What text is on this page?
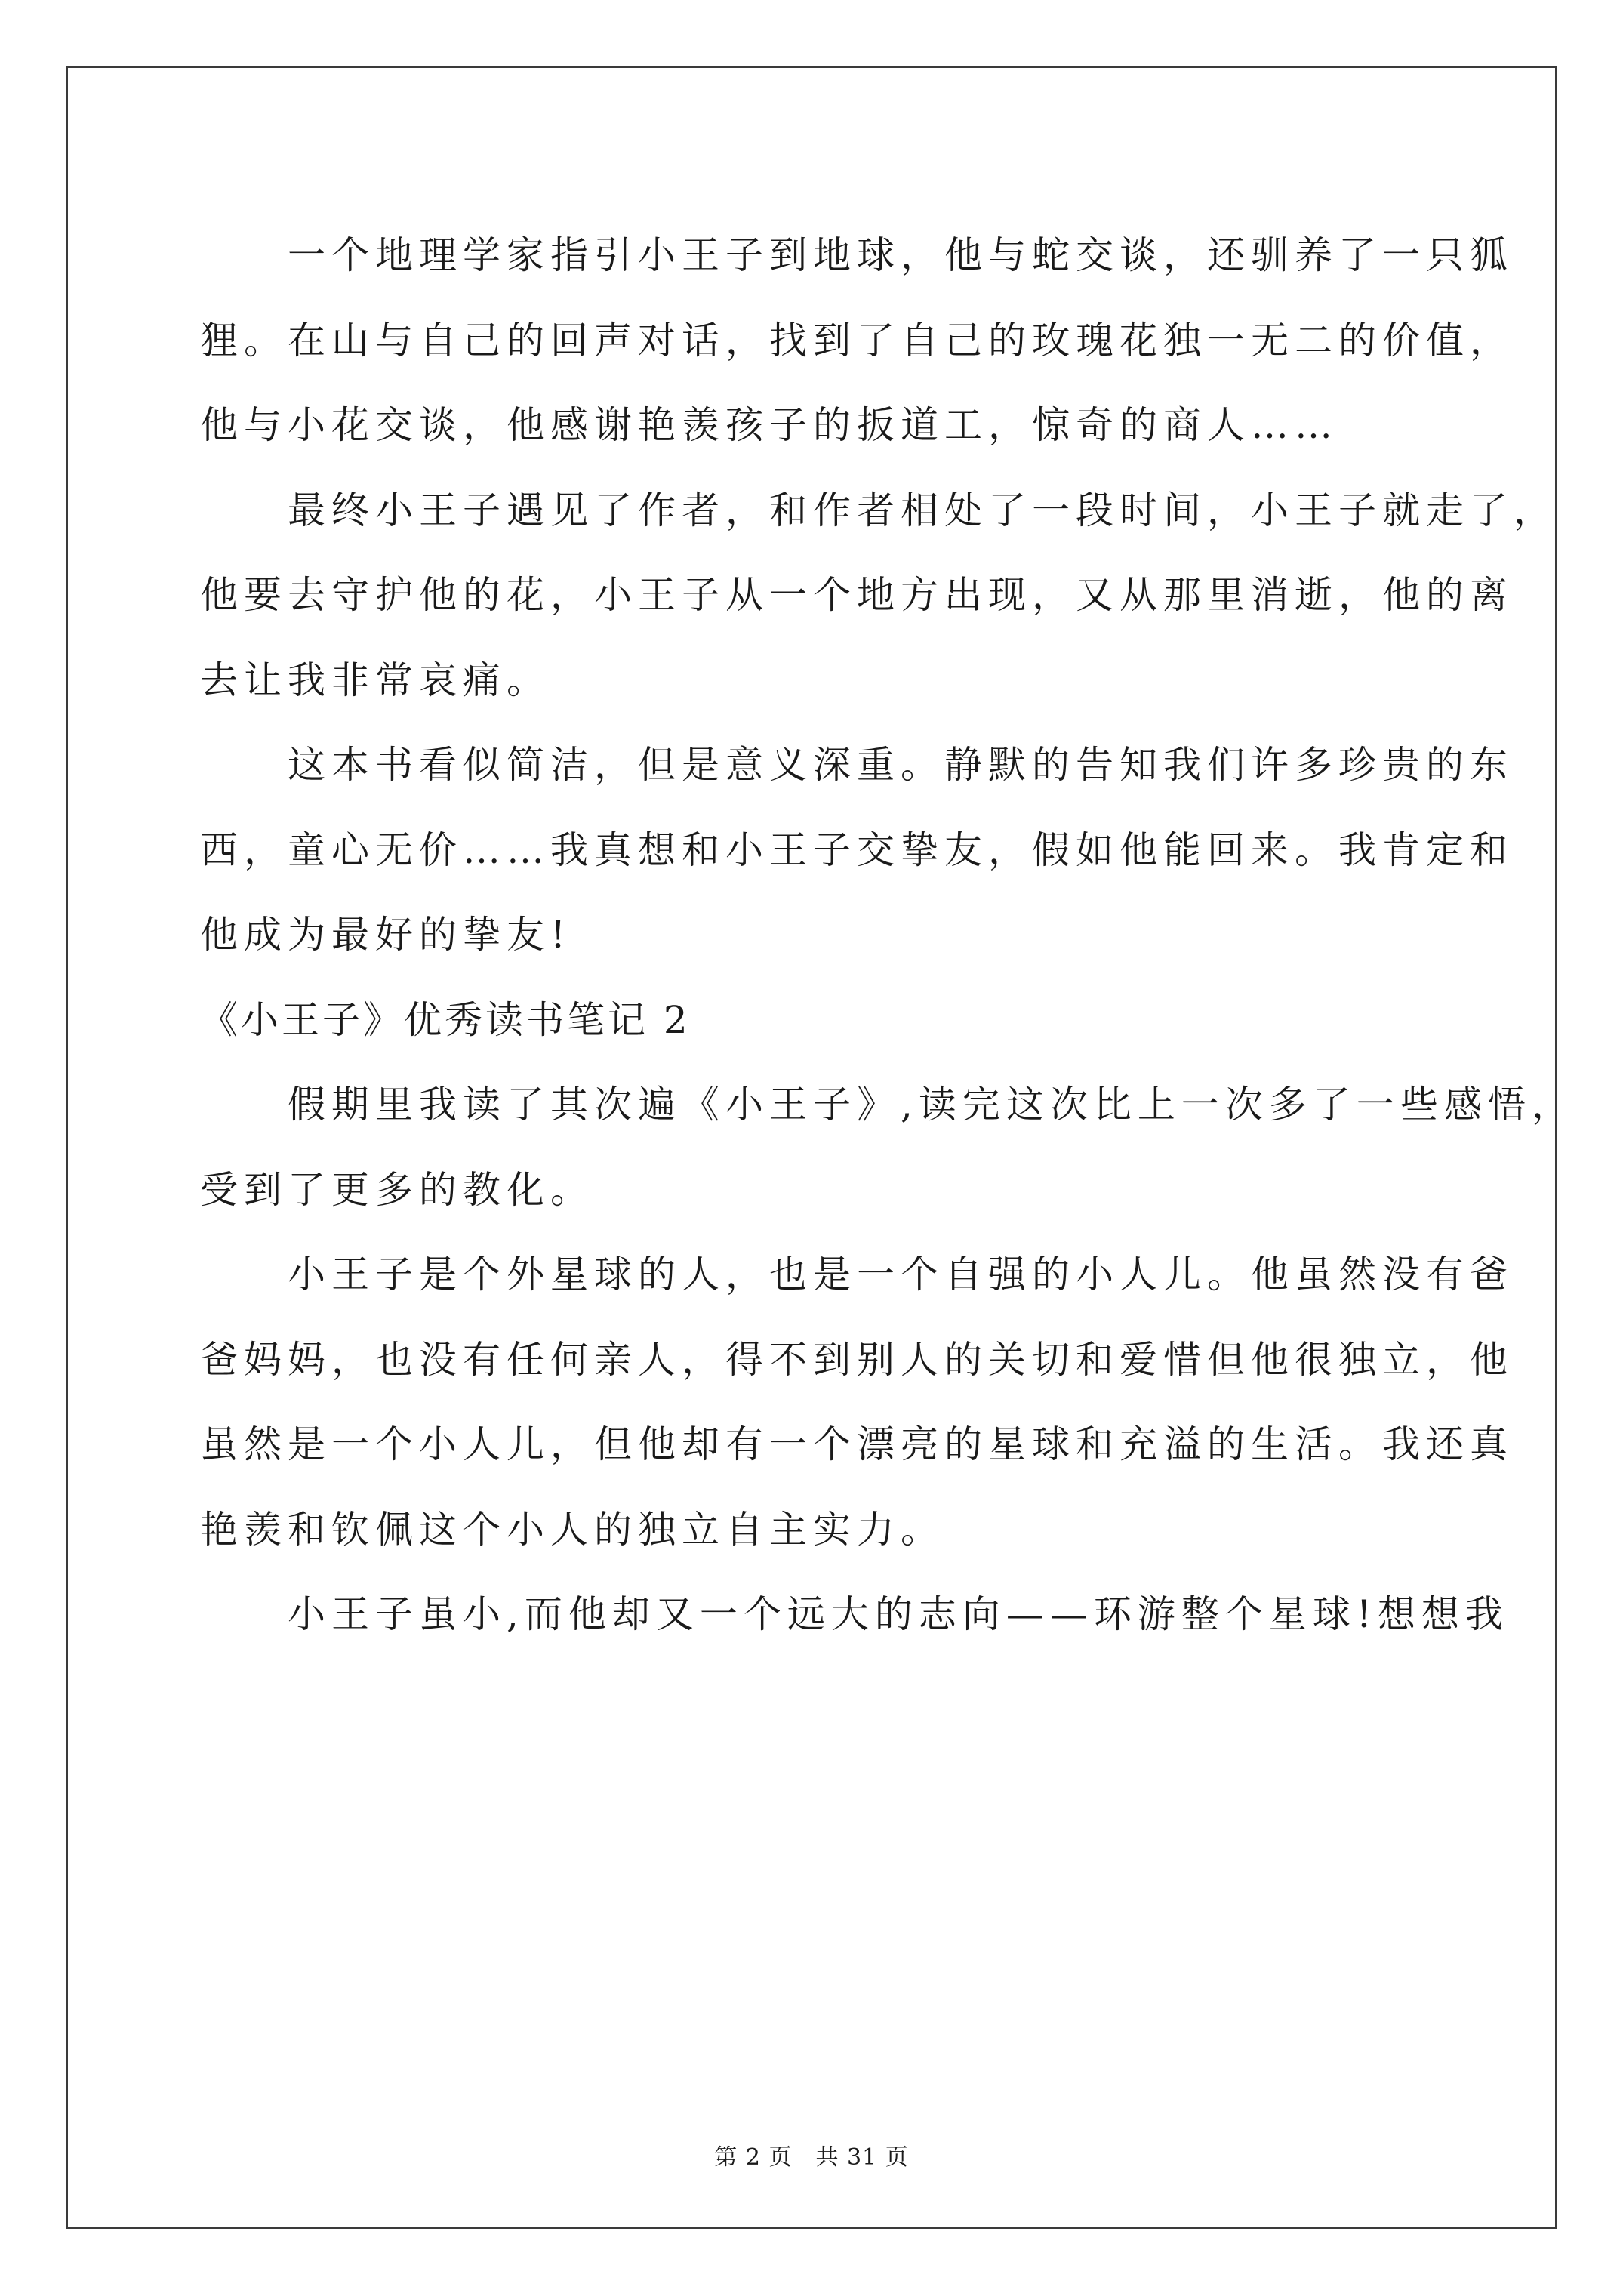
　　一个地理学家指引小王子到地球，他与蛇交谈，还驯养了一只狐
狸。在山与自己的回声对话，找到了自己的玫瑰花独一无二的价值，
他与小花交谈，他感谢艳羡孩子的扳道工，惊奇的商人……
　　最终小王子遇见了作者，和作者相处了一段时间，小王子就走了，
他要去守护他的花，小王子从一个地方出现，又从那里消逝，他的离
去让我非常哀痛。
　　这本书看似简洁，但是意义深重。静默的告知我们许多珍贵的东
西，童心无价……我真想和小王子交挚友，假如他能回来。我肯定和
他成为最好的挚友!
《小王子》优秀读书笔记 2
　　假期里我读了其次遍《小王子》,读完这次比上一次多了一些感悟，
受到了更多的教化。
　　小王子是个外星球的人，也是一个自强的小人儿。他虽然没有爸
爸妈妈，也没有任何亲人，得不到别人的关切和爱惜但他很独立，他
虽然是一个小人儿，但他却有一个漂亮的星球和充溢的生活。我还真
艳羡和钦佩这个小人的独立自主实力。
　　小王子虽小,而他却又一个远大的志向——环游整个星球!想想我
第 2 页　共 31 页
